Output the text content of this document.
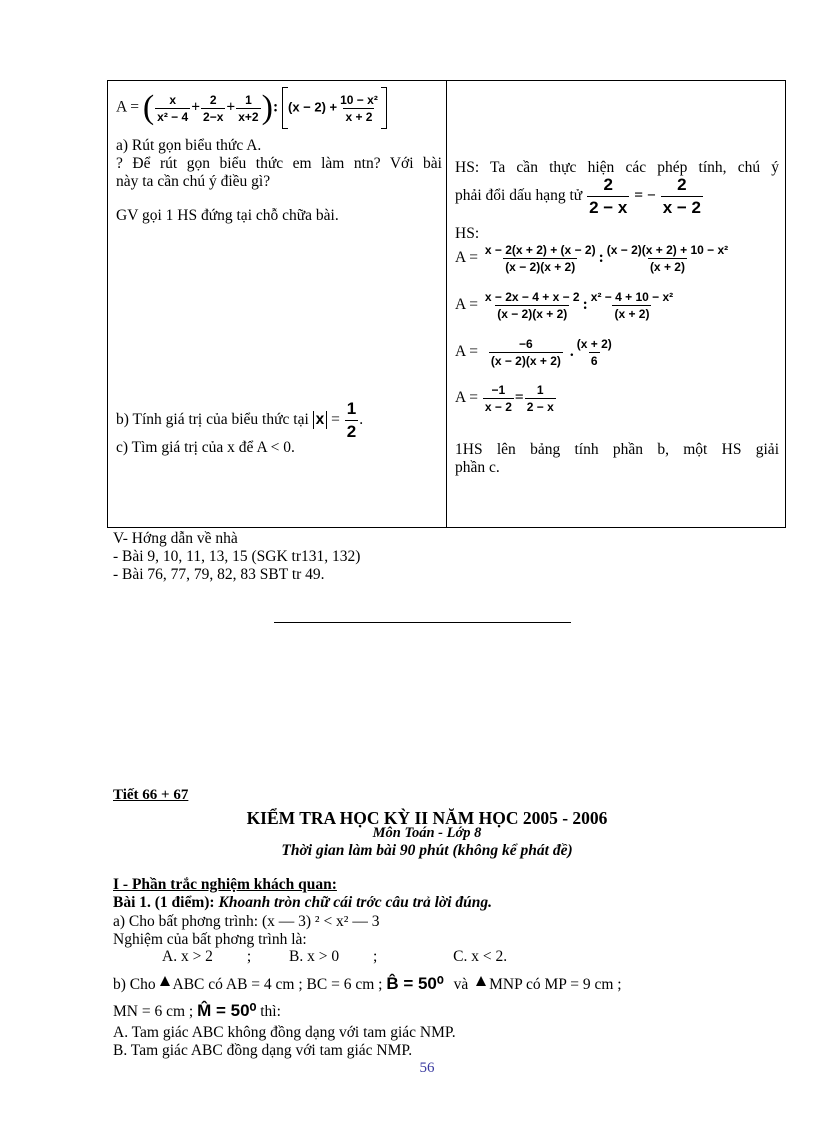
A = ( $\frac{x}{\text{x² − 4}} + \frac{2}{2-x} + \frac{1}{x+2}$ ): $(x - 2) + \frac{\text{10 − x²}}{x + 2}$
a) Rút gọn biểu thức A.
? Để rút gọn biểu thức em làm ntn? Với bài
này ta cần chú ý điều gì?
GV gọi 1 HS đứng tại chỗ chữa bài.
b) Tính giá trị của biểu thức tại $x = \frac{1}{2}$ .
c) Tìm giá trị của x để A < 0.
HS: Ta cần thực hiện các phép tính, chú ý
phải đổi dấu hạng tử $\frac{2}{2 - x}$ = − $\frac{2}{x - 2}$
HS:
$A = \frac{x - 2(x + 2) + (x - 2)}{(x - 2)(x + 2)}$ : $\frac{\text{(x − 2)(x + 2) + 10 − x²}}{(x + 2)}$
$A = \frac{x - 2x - 4 + x - 2}{(x - 2)(x + 2)}$ : $\frac{\text{x² − 4 + 10 − x²}}{(x + 2)}$
$A = \frac{-6}{(x - 2)(x + 2)}$ . $\frac{(x + 2)}{6}$
$A = \frac{-1}{x - 2} = \frac{1}{2 - x}$
1HS lên bảng tính phần b, một HS giải
phần c.
V- Hớng dẫn về nhà
- Bài 9, 10, 11, 13, 15 (SGK tr131, 132)
- Bài 76, 77, 79, 82, 83 SBT tr 49.
Tiết 66 + 67
KIỂM TRA HỌC KỲ II NĂM HỌC 2005 - 2006
Môn Toán - Lớp 8
Thời gian làm bài 90 phút (không kể phát đề)
I - Phần trắc nghiệm khách quan:
Bài 1. (1 điểm): Khoanh tròn chữ cái trớc câu trả lời đúng.
a) Cho bất phơng trình: (x — 3) ² < x² — 3
Nghiệm của bất phơng trình là:
A. x > 2 ; B. x > 0 ;	C. x < 2.
b) Cho ABC có AB = 4 cm ; BC = 6 cm ; B̂ = 50⁰ và MNP có MP = 9 cm ;
MN = 6 cm ; M̂ = 50⁰ thì:
A. Tam giác ABC không đồng dạng với tam giác NMP.
B. Tam giác ABC đồng dạng với tam giác NMP.
56
